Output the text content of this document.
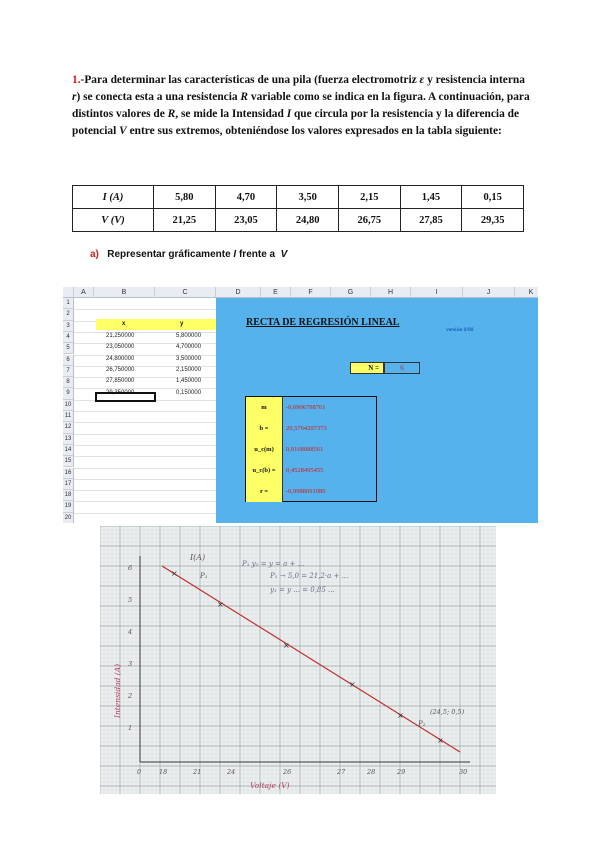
1.-Para determinar las características de una pila (fuerza electromotriz ε y resistencia interna r) se conecta esta a una resistencia R variable como se indica en la figura. A continuación, para distintos valores de R, se mide la Intensidad I que circula por la resistencia y la diferencia de potencial V entre sus extremos, obteniéndose los valores expresados en la tabla siguiente:
I (A)	5,80	4,70	3,50	2,15	1,45	0,15
V (V)	21,25	23,05	24,80	26,75	27,85	29,35
a) Representar gráficamente I frente a  V
A	B	C	D	E	F	G	H	I	J	K
1
2
3
4
5
6
7
8
9
10
11
12
13
14
15
16
17
18
19
20
x	y
21,250000	5,800000
23,050000	4,700000
24,800000	3,500000
26,750000	2,150000
27,850000	1,450000
29,350000	0,150000
RECTA DE REGRESIÓN LINEAL
versión 0/00
N =	6
m	-0,6906798761
b =	20,5764207373
u_c(m)	0,0168088561
u_c(b) =	0,4528495455
r =	-0,9988091080
×
×
×
×
×
×
I(A)
P₁
P₁ y₂ = y = a + ...
P₁ → 5,0 = 21,2·a + ...
y₁ = y ... = 0,85 ...
P₂
(24,5; 0,5)
Intensidad (A)
Voltaje (V)
0	18	21	24	26	27	28	29	30
6
5
4
3
2
1
